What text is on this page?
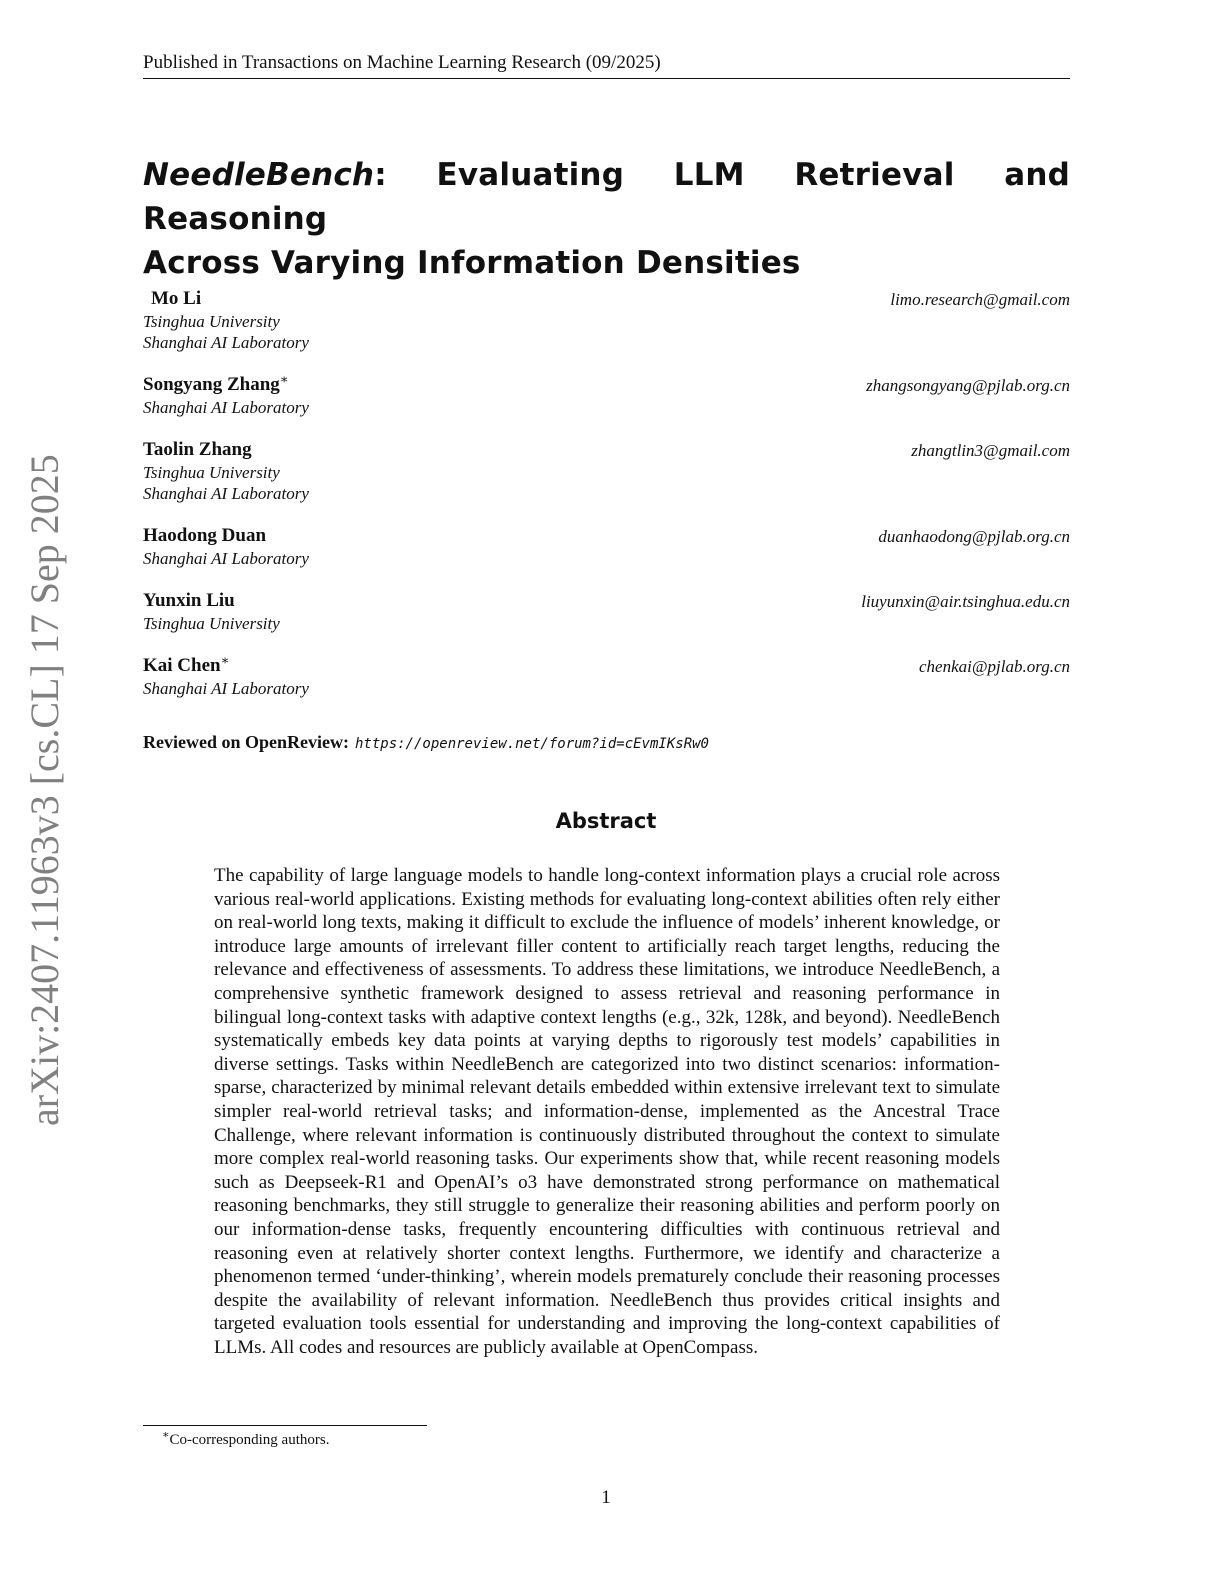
Published in Transactions on Machine Learning Research (09/2025)
arXiv:2407.11963v3 [cs.CL] 17 Sep 2025
NeedleBench: Evaluating LLM Retrieval and Reasoning
Across Varying Information Densities
Mo Li	limo.research@gmail.com
Tsinghua University
Shanghai AI Laboratory
Songyang Zhang∗	zhangsongyang@pjlab.org.cn
Shanghai AI Laboratory
Taolin Zhang	zhangtlin3@gmail.com
Tsinghua University
Shanghai AI Laboratory
Haodong Duan	duanhaodong@pjlab.org.cn
Shanghai AI Laboratory
Yunxin Liu	liuyunxin@air.tsinghua.edu.cn
Tsinghua University
Kai Chen∗	chenkai@pjlab.org.cn
Shanghai AI Laboratory
Reviewed on OpenReview: https://openreview.net/forum?id=cEvmIKsRw0
Abstract

The capability of large language models to handle long-context information plays a crucial role across various real-world applications. Existing methods for evaluating long-context abilities often rely either on real-world long texts, making it difficult to exclude the influence of models’ inherent knowledge, or introduce large amounts of irrelevant filler content to artificially reach target lengths, reducing the relevance and effectiveness of assessments. To address these limitations, we introduce NeedleBench, a comprehensive synthetic framework designed to assess retrieval and reasoning performance in bilingual long-context tasks with adaptive context lengths (e.g., 32k, 128k, and beyond). NeedleBench systematically embeds key data points at varying depths to rigorously test models’ capabilities in diverse settings. Tasks within NeedleBench are categorized into two distinct scenarios: information-sparse, characterized by minimal relevant details embedded within extensive irrelevant text to simulate simpler real-world retrieval tasks; and information-dense, implemented as the Ancestral Trace Challenge, where relevant information is continuously distributed throughout the context to simulate more complex real-world reasoning tasks. Our experiments show that, while recent reasoning models such as Deepseek-R1 and OpenAI’s o3 have demonstrated strong performance on mathematical reasoning benchmarks, they still struggle to generalize their reasoning abilities and perform poorly on our information-dense tasks, frequently encountering difficulties with continuous retrieval and reasoning even at relatively shorter context lengths. Furthermore, we identify and characterize a phenomenon termed ‘under-thinking’, wherein models prematurely conclude their reasoning processes despite the availability of relevant information. NeedleBench thus provides critical insights and targeted evaluation tools essential for understanding and improving the long-context capabilities of LLMs. All codes and resources are publicly available at OpenCompass.

∗Co-corresponding authors.
1
